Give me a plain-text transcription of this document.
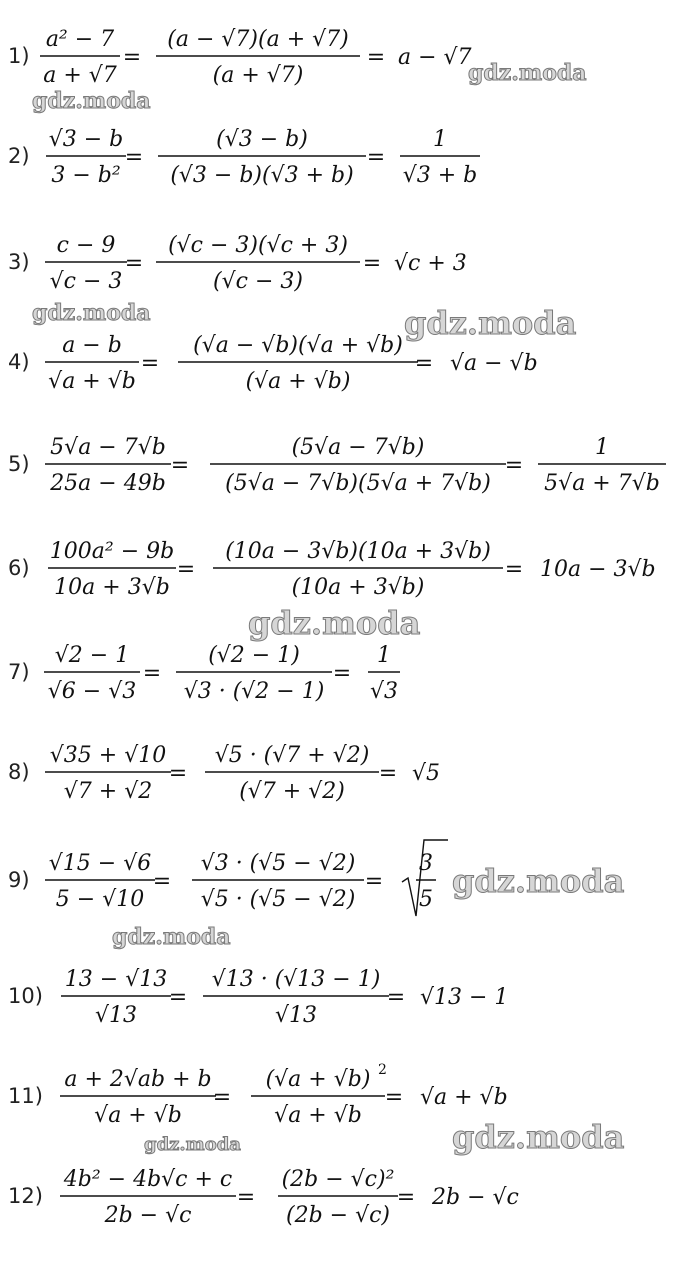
1)
a² − 7
a + √7
=
(a − √7)(a + √7)
(a + √7)
= a − √7
2)
√3 − b
3 − b²
=
(√3 − b)
(√3 − b)(√3 + b)
=
1
√3 + b
3)
c − 9
√c − 3
=
(√c − 3)(√c + 3)
(√c − 3)
= √c + 3
4)
a − b
√a + √b
=
(√a − √b)(√a + √b)
(√a + √b)
= √a − √b
5)
5√a − 7√b
25a − 49b
=
(5√a − 7√b)
(5√a − 7√b)(5√a + 7√b)
=
1
5√a + 7√b
6)
100a² − 9b
10a + 3√b
=
(10a − 3√b)(10a + 3√b)
(10a + 3√b)
= 10a − 3√b
7)
√2 − 1
√6 − √3
=
(√2 − 1)
√3 · (√2 − 1)
=
1
√3
8)
√35 + √10
√7 + √2
=
√5 · (√7 + √2)
(√7 + √2)
= √5
9)
√15 − √6
5 − √10
=
√3 · (√5 − √2)
√5 · (√5 − √2)
=
3
5
10)
13 − √13
√13
=
√13 · (√13 − 1)
√13
= √13 − 1
11)
a + 2√ab + b
√a + √b
=
(√a + √b) 2
√a + √b
= √a + √b
12)
4b² − 4b√c + c
2b − √c
=
(2b − √c)²
(2b − √c)
= 2b − √c
gdz.moda
gdz.moda
gdz.moda	gdz.moda
gdz.moda
gdz.moda
gdz.moda
gdz.moda	gdz.moda
